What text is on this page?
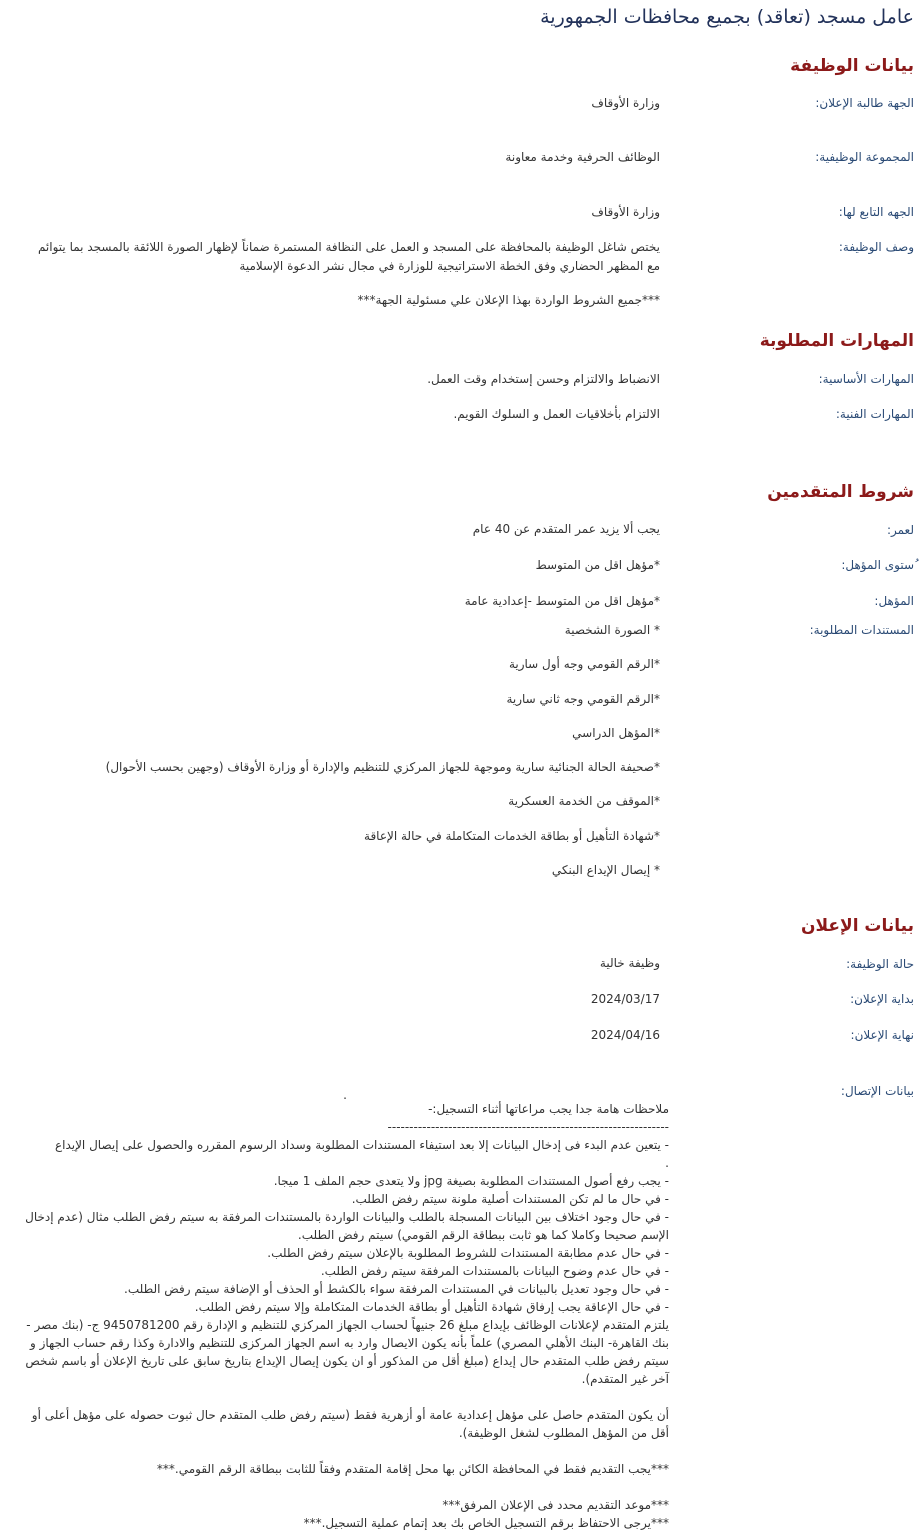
عامل مسجد (تعاقد) بجميع محافظات الجمهورية
بيانات الوظيفة
الجهة طالبة الإعلان:
وزارة الأوقاف
المجموعة الوظيفية:
الوظائف الحرفية وخدمة معاونة
الجهه التابع لها:
وزارة الأوقاف
وصف الوظيفة:
يختص شاغل الوظيفة بالمحافظة على المسجد و العمل على النظافة المستمرة ضماناً لإظهار الصورة اللائقة بالمسجد بما يتوائم مع المظهر الحضاري وفق الخطة الاستراتيجية للوزارة في مجال نشر الدعوة الإسلامية
***جميع الشروط الواردة بهذا الإعلان علي مسئولية الجهة***
المهارات المطلوبة
المهارات الأساسية:
الانضباط والالتزام وحسن إستخدام وقت العمل.
المهارات الفنية:
الالتزام بأخلاقيات العمل و السلوك القويم.
شروط المتقدمين
لعمر:
يجب ألا يزيد عمر المتقدم عن 40 عام
ُستوى المؤهل:
*مؤهل اقل من المتوسط
المؤهل:
*مؤهل اقل من المتوسط -إعدادية عامة
المستندات المطلوبة:
* الصورة الشخصية
*الرقم القومي وجه أول سارية
*الرقم القومي وجه ثاني سارية
*المؤهل الدراسي
*صحيفة الحالة الجنائية سارية وموجهة للجهاز المركزي للتنظيم والإدارة أو وزارة الأوقاف (وجهين بحسب الأحوال)
*الموقف من الخدمة العسكرية
*شهادة التأهيل أو بطاقة الخدمات المتكاملة في حالة الإعاقة
* إيصال الإيداع البنكي
بيانات الإعلان
حالة الوظيفة:
وظيفة خالية
بداية الإعلان:
2024/03/17
نهاية الإعلان:
2024/04/16
بيانات الإتصال:

.

ملاحظات هامة جدا يجب مراعاتها أثناء التسجيل:-

-----------------------------------------------------------------

- يتعين عدم البدء فى إدخال البيانات إلا بعد استيفاء المستندات المطلوبة وسداد الرسوم المقرره والحصول على إيصال الإيداع

.

- يجب رفع أصول المستندات المطلوبة بصيغة jpg ولا يتعدى حجم الملف 1 ميجا.

- في حال ما لم تكن المستندات أصلية ملونة سيتم رفض الطلب.

- في حال وجود اختلاف بين البيانات المسجلة بالطلب والبيانات الواردة بالمستندات المرفقة به سيتم رفض الطلب مثال (عدم إدخال الإسم صحيحا وكاملا كما هو ثابت ببطاقة الرقم القومي) سيتم رفض الطلب.

- في حال عدم مطابقة المستندات للشروط المطلوبة بالإعلان سيتم رفض الطلب.

- في حال عدم وضوح البيانات بالمستندات المرفقة سيتم رفض الطلب.

- في حال وجود تعديل بالبيانات في المستندات المرفقة سواء بالكشط أو الحذف أو الإضافة سيتم رفض الطلب.

- في حال الإعاقة يجب إرفاق شهادة التأهيل أو بطاقة الخدمات المتكاملة وإلا سيتم رفض الطلب.

يلتزم المتقدم لإعلانات الوظائف بإيداع مبلغ 26 جنيهاً لحساب الجهاز المركزي للتنظيم و الإدارة رقم 9450781200 ج- (بنك مصر - بنك القاهرة- البنك الأهلي المصري) علماً بأنه يكون الايصال وارد به اسم الجهاز المركزى للتنظيم والادارة وكذا رقم حساب الجهاز و سيتم رفض طلب المتقدم حال إيداع (مبلغ أقل من المذكور أو ان يكون إيصال الإيداع بتاريخ سابق على تاريخ الإعلان أو باسم شخص آخر غير المتقدم).

أن يكون المتقدم حاصل على مؤهل إعدادية عامة أو أزهرية فقط (سيتم رفض طلب المتقدم حال ثبوت حصوله على مؤهل أعلى أو أقل من المؤهل المطلوب لشغل الوظيفة).

***يجب التقديم فقط في المحافظة الكائن بها محل إقامة المتقدم وفقاً للثابت ببطاقة الرقم القومي.***

***موعد التقديم محدد فى الإعلان المرفق***

***يرجى الاحتفاظ برقم التسجيل الخاص بك بعد إتمام عملية التسجيل.***
